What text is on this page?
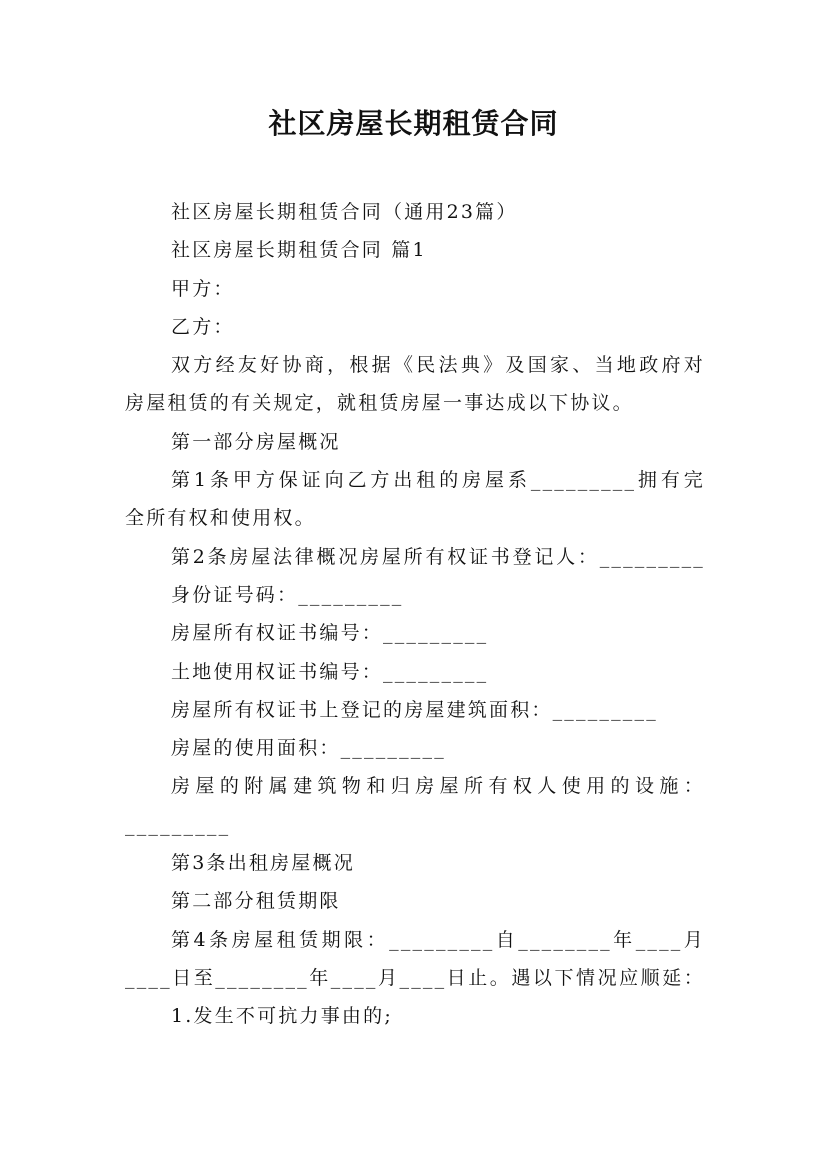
社区房屋长期租赁合同
社区房屋长期租赁合同（通用23篇）
社区房屋长期租赁合同 篇1
甲方：
乙方：
双方经友好协商，根据《民法典》及国家、当地政府对
房屋租赁的有关规定，就租赁房屋一事达成以下协议。
第一部分房屋概况
第1条甲方保证向乙方出租的房屋系_________拥有完
全所有权和使用权。
第2条房屋法律概况房屋所有权证书登记人：_________
身份证号码：_________
房屋所有权证书编号：_________
土地使用权证书编号：_________
房屋所有权证书上登记的房屋建筑面积：_________
房屋的使用面积：_________
房屋的附属建筑物和归房屋所有权人使用的设施：
_________
第3条出租房屋概况
第二部分租赁期限
第4条房屋租赁期限：_________自________年____月
____日至________年____月____日止。遇以下情况应顺延：
1.发生不可抗力事由的;
